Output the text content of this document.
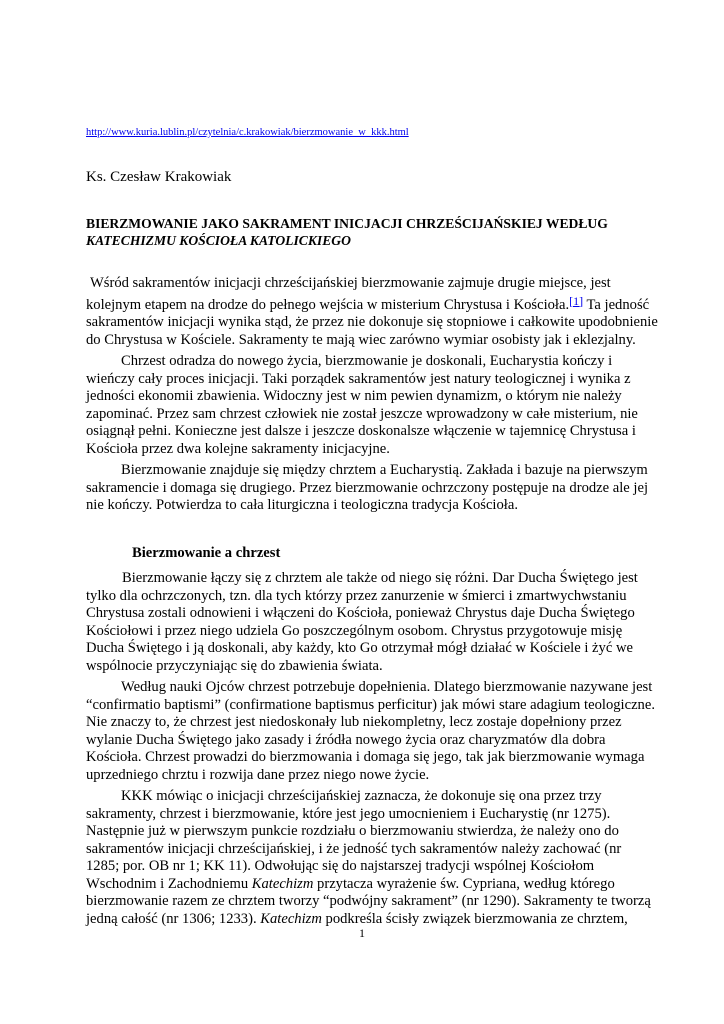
http://www.kuria.lublin.pl/czytelnia/c.krakowiak/bierzmowanie_w_kkk.html
Ks. Czesław Krakowiak
BIERZMOWANIE JAKO SAKRAMENT INICJACJI CHRZEŚCIJAŃSKIEJ WEDŁUG
KATECHIZMU KOŚCIOŁA KATOLICKIEGO

Wśród sakramentów inicjacji chrześcijańskiej bierzmowanie zajmuje drugie miejsce, jest kolejnym etapem na drodze do pełnego wejścia w misterium Chrystusa i Kościoła.[1] Ta jedność sakramentów inicjacji wynika stąd, że przez nie dokonuje się stopniowe i całkowite upodobnienie do Chrystusa w Kościele. Sakramenty te mają wiec zarówno wymiar osobisty jak i eklezjalny.

Chrzest odradza do nowego życia, bierzmowanie je doskonali, Eucharystia kończy i wieńczy cały proces inicjacji. Taki porządek sakramentów jest natury teologicznej i wynika z jedności ekonomii zbawienia. Widoczny jest w nim pewien dynamizm, o którym nie należy zapominać. Przez sam chrzest człowiek nie został jeszcze wprowadzony w całe misterium, nie osiągnął pełni. Konieczne jest dalsze i jeszcze doskonalsze włączenie w tajemnicę Chrystusa i Kościoła przez dwa kolejne sakramenty inicjacyjne.

Bierzmowanie znajduje się między chrztem a Eucharystią. Zakłada i bazuje na pierwszym sakramencie i domaga się drugiego. Przez bierzmowanie ochrzczony postępuje na drodze ale jej nie kończy. Potwierdza to cała liturgiczna i teologiczna tradycja Kościoła.

Bierzmowanie a chrzest

Bierzmowanie łączy się z chrztem ale także od niego się różni. Dar Ducha Świętego jest tylko dla ochrzczonych, tzn. dla tych którzy przez zanurzenie w śmierci i zmartwychwstaniu Chrystusa zostali odnowieni i włączeni do Kościoła, ponieważ Chrystus daje Ducha Świętego Kościołowi i przez niego udziela Go poszczególnym osobom. Chrystus przygotowuje misję Ducha Świętego i ją doskonali, aby każdy, kto Go otrzymał mógł działać w Kościele i żyć we wspólnocie przyczyniając się do zbawienia świata.

Według nauki Ojców chrzest potrzebuje dopełnienia. Dlatego bierzmowanie nazywane jest “confirmatio baptismi” (confirmatione baptismus perficitur) jak mówi stare adagium teologiczne. Nie znaczy to, że chrzest jest niedoskonały lub niekompletny, lecz zostaje dopełniony przez wylanie Ducha Świętego jako zasady i źródła nowego życia oraz charyzmatów dla dobra Kościoła. Chrzest prowadzi do bierzmowania i domaga się jego, tak jak bierzmowanie wymaga uprzedniego chrztu i rozwija dane przez niego nowe życie.

KKK mówiąc o inicjacji chrześcijańskiej zaznacza, że dokonuje się ona przez trzy sakramenty, chrzest i bierzmowanie, które jest jego umocnieniem i Eucharystię (nr 1275). Następnie już w pierwszym punkcie rozdziału o bierzmowaniu stwierdza, że należy ono do sakramentów inicjacji chrześcijańskiej, i że jedność tych sakramentów należy zachować (nr 1285; por. OB nr 1; KK 11). Odwołując się do najstarszej tradycji wspólnej Kościołom Wschodnim i Zachodniemu Katechizm przytacza wyrażenie św. Cypriana, według którego bierzmowanie razem ze chrztem tworzy “podwójny sakrament” (nr 1290). Sakramenty te tworzą jedną całość (nr 1306; 1233). Katechizm podkreśla ścisły związek bierzmowania ze chrztem,

1
